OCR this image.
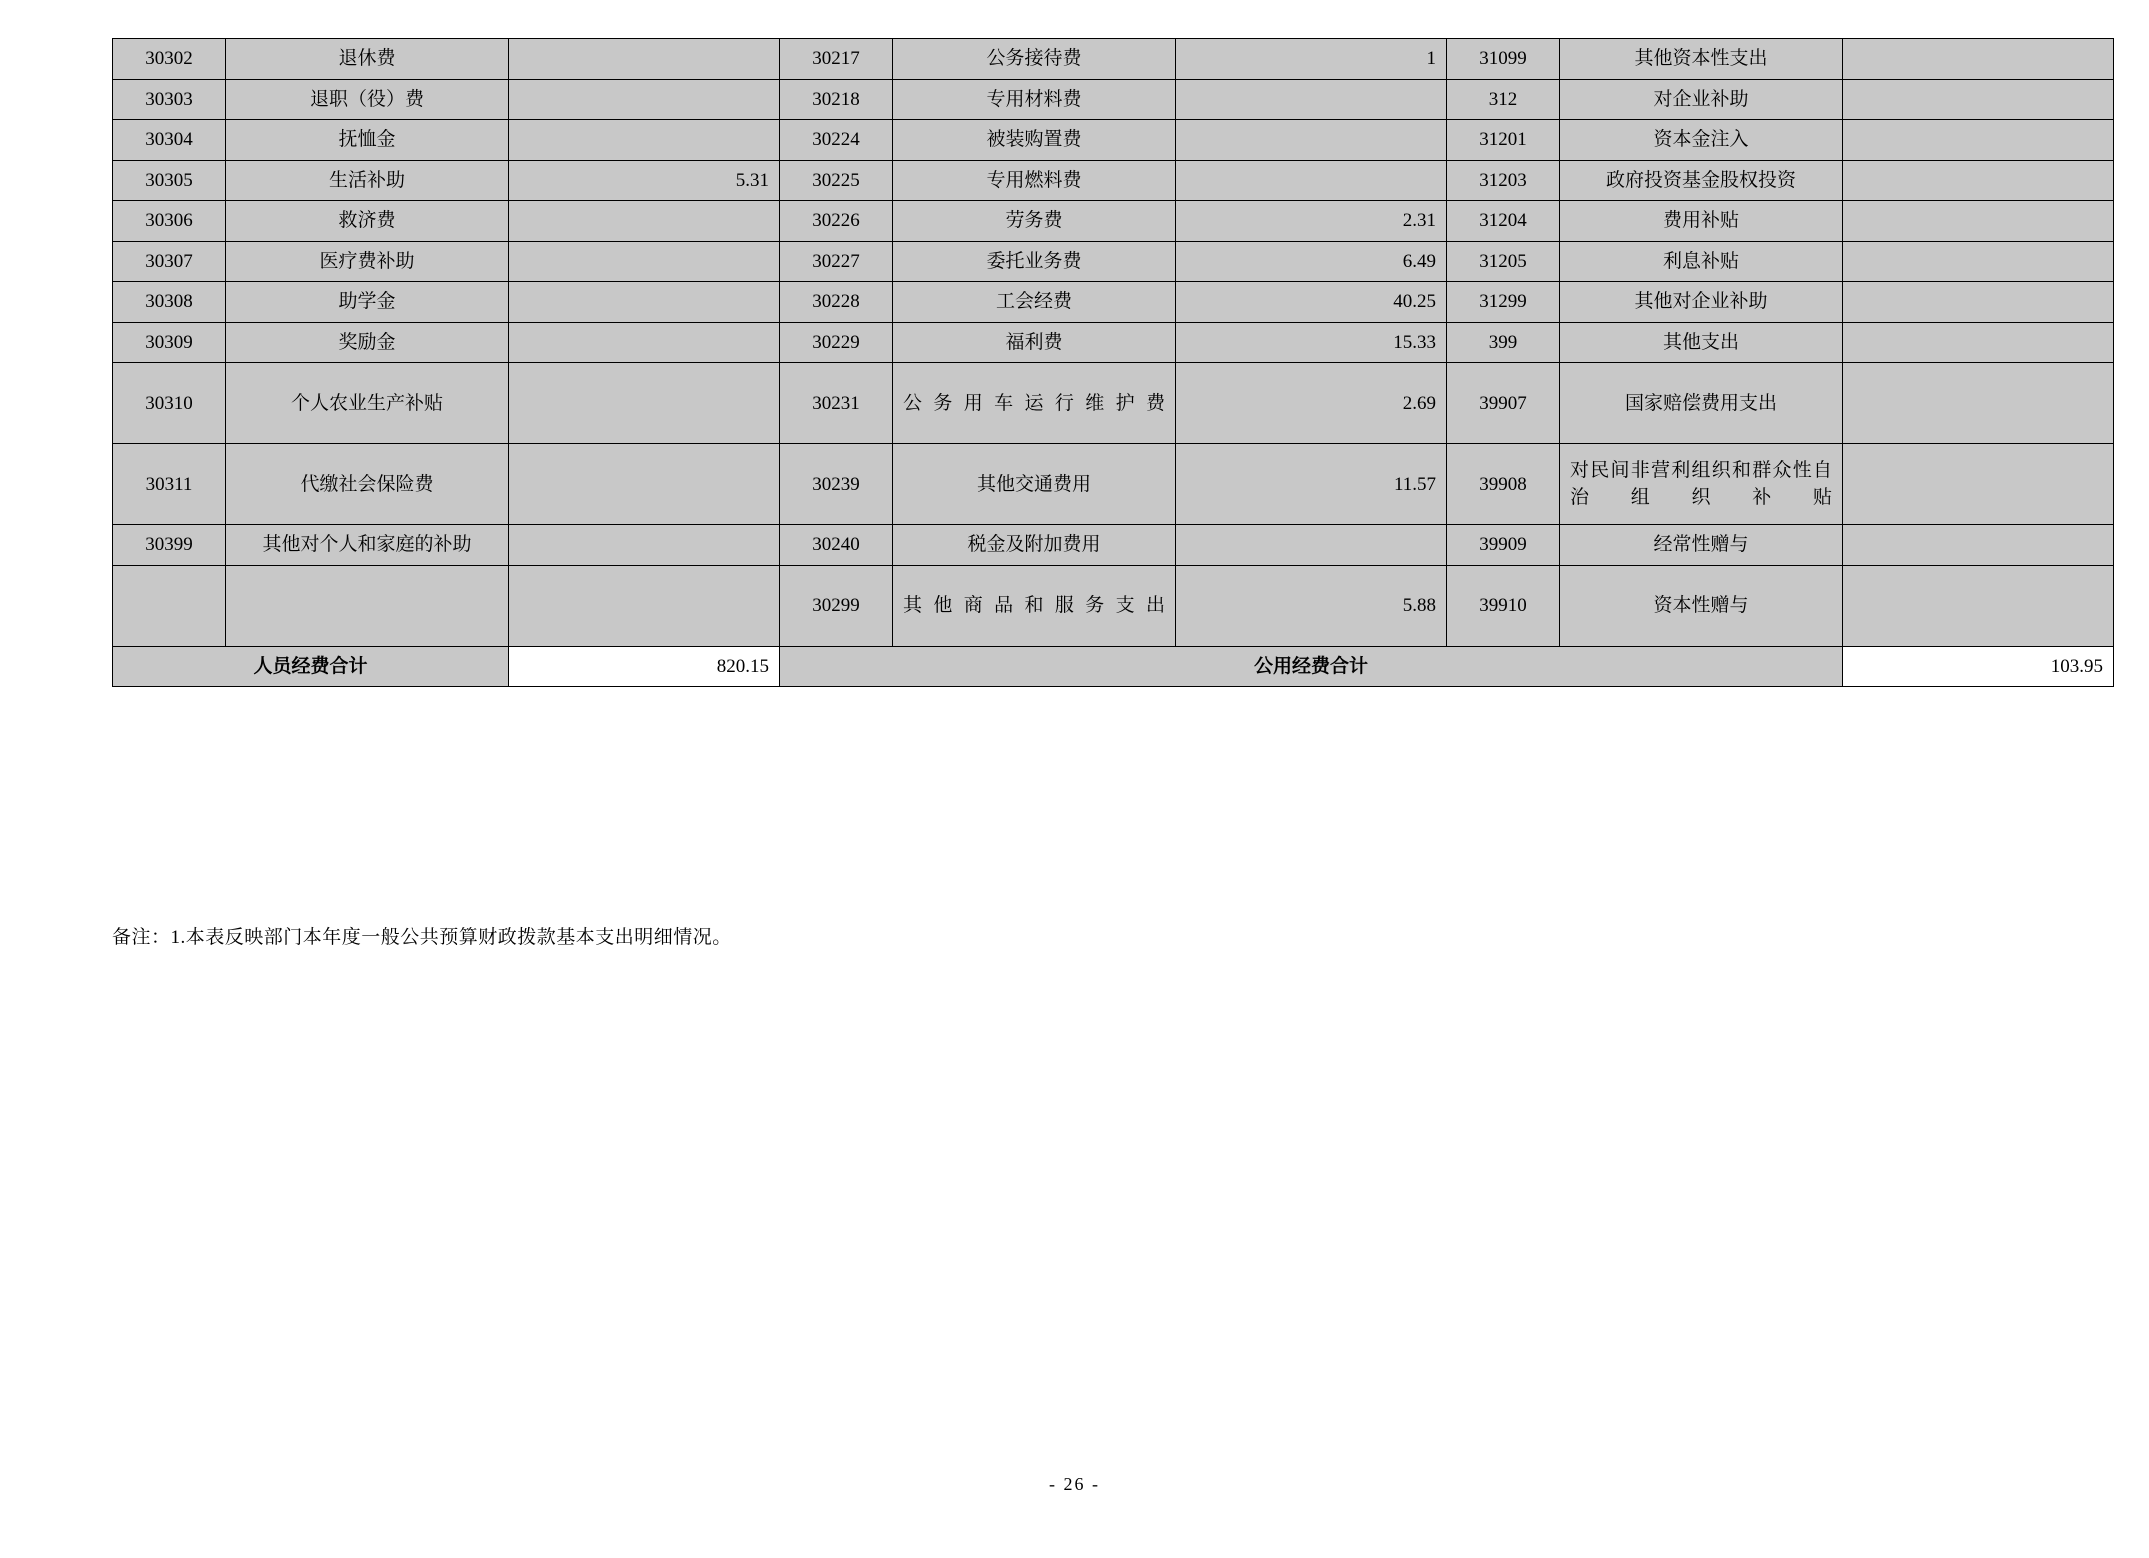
30302	退休费		30217	公务接待费	1	31099	其他资本性支出	
30303	退职（役）费		30218	专用材料费		312	对企业补助	
30304	抚恤金		30224	被装购置费		31201	资本金注入	
30305	生活补助	5.31	30225	专用燃料费		31203	政府投资基金股权投资	
30306	救济费		30226	劳务费	2.31	31204	费用补贴	
30307	医疗费补助		30227	委托业务费	6.49	31205	利息补贴	
30308	助学金		30228	工会经费	40.25	31299	其他对企业补助	
30309	奖励金		30229	福利费	15.33	399	其他支出	
30310	个人农业生产补贴		30231	公务用车运行维护费	2.69	39907	国家赔偿费用支出	
30311	代缴社会保险费		30239	其他交通费用	11.57	39908	对民间非营利组织和群众性自治组织补贴	
30399	其他对个人和家庭的补助		30240	税金及附加费用		39909	经常性赠与	
			30299	其他商品和服务支出	5.88	39910	资本性赠与	
人员经费合计		820.15	公用经费合计					103.95
备注：1.本表反映部门本年度一般公共预算财政拨款基本支出明细情况。
- 26 -
